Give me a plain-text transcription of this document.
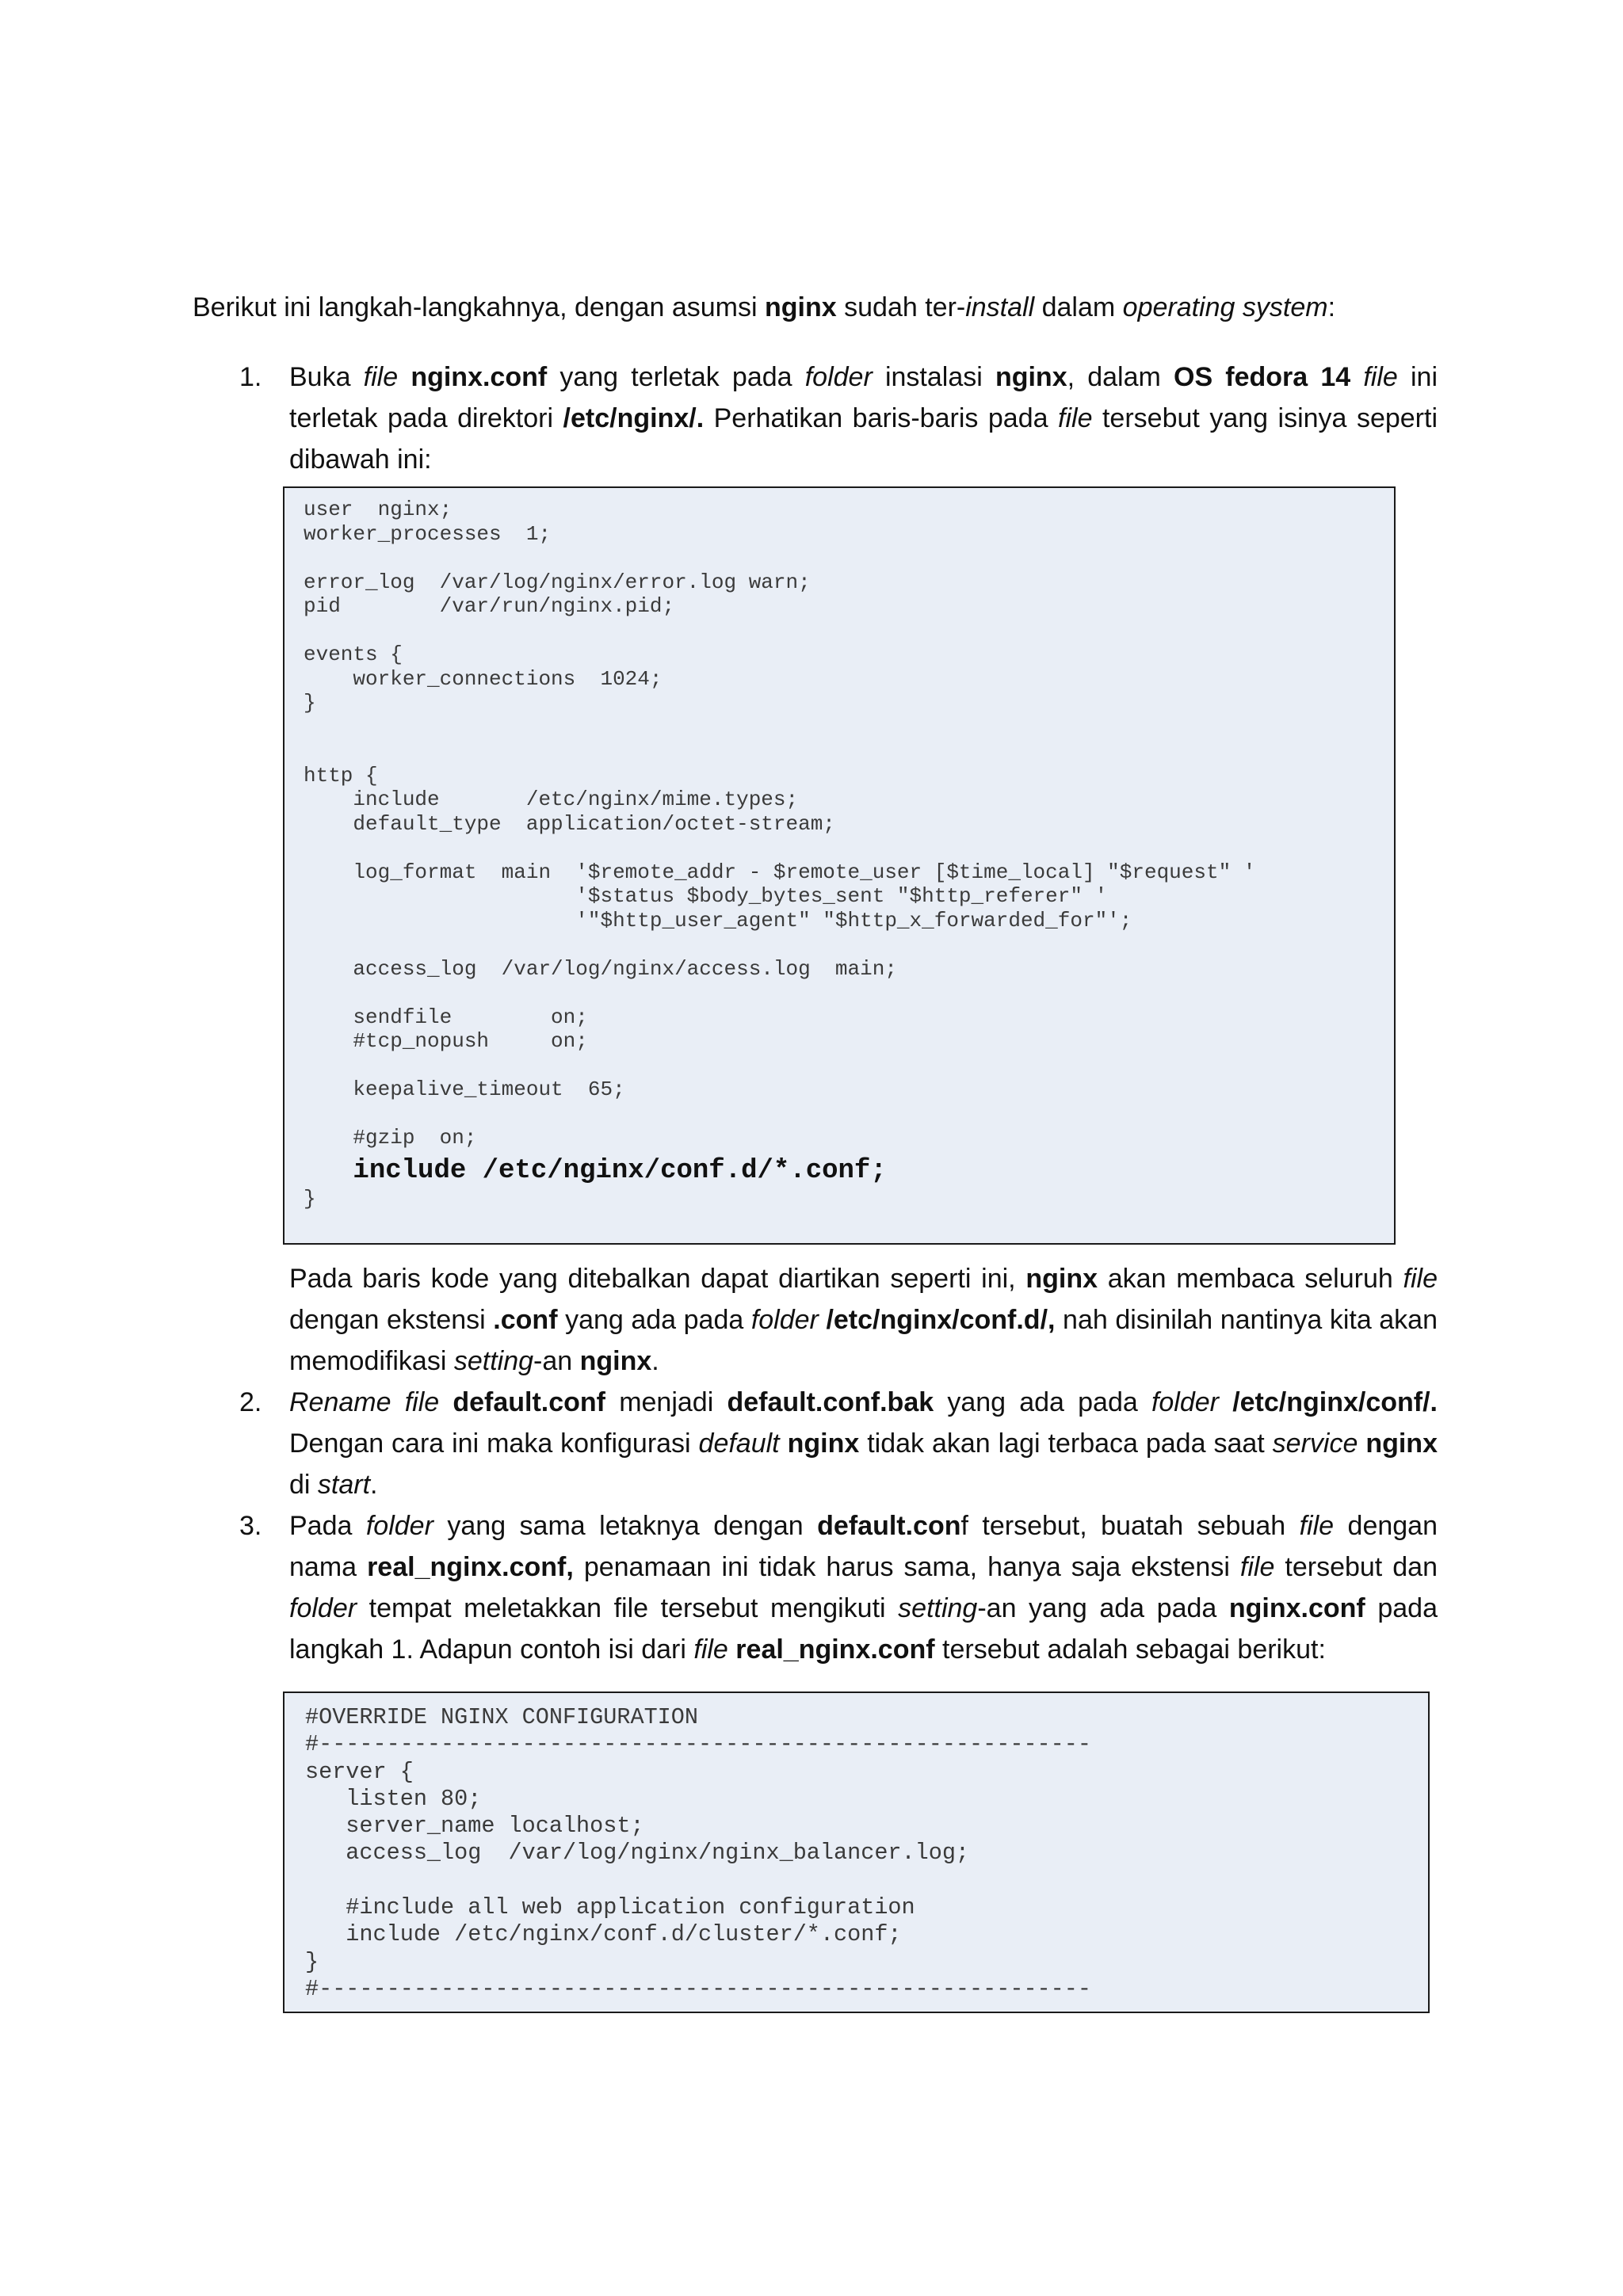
Berikut ini langkah-langkahnya, dengan asumsi nginx sudah ter-install dalam operating system:

1.	Buka file nginx.conf yang terletak pada folder instalasi nginx, dalam OS fedora 14 file ini terletak pada direktori /etc/nginx/. Perhatikan baris-baris pada file tersebut yang isinya seperti dibawah ini:
user  nginx;
worker_processes  1;

error_log  /var/log/nginx/error.log warn;
pid        /var/run/nginx.pid;

events {
worker_connections  1024;
}

http {
include       /etc/nginx/mime.types;
default_type  application/octet-stream;

log_format  main  '$remote_addr - $remote_user [$time_local] "$request" '
'$status $body_bytes_sent "$http_referer" '
'"$http_user_agent" "$http_x_forwarded_for"';

access_log  /var/log/nginx/access.log  main;

sendfile        on;
#tcp_nopush     on;

keepalive_timeout  65;

#gzip  on;
include /etc/nginx/conf.d/*.conf;
}
Pada baris kode yang ditebalkan dapat diartikan seperti ini, nginx akan membaca seluruh file dengan ekstensi .conf yang ada pada folder /etc/nginx/conf.d/, nah disinilah nantinya kita akan memodifikasi setting-an nginx.
2.	Rename file default.conf menjadi default.conf.bak yang ada pada folder /etc/nginx/conf/. Dengan cara ini maka konfigurasi default nginx tidak akan lagi terbaca pada saat service nginx di start.
3.	Pada folder yang sama letaknya dengan default.conf tersebut, buatah sebuah file dengan nama real_nginx.conf, penamaan ini tidak harus sama, hanya saja ekstensi file tersebut dan folder tempat meletakkan file tersebut mengikuti setting-an yang ada pada nginx.conf pada langkah 1. Adapun contoh isi dari file real_nginx.conf tersebut adalah sebagai berikut:
#OVERRIDE NGINX CONFIGURATION
#---------------------------------------------------------
server {
listen 80;
server_name localhost;
access_log  /var/log/nginx/nginx_balancer.log;

#include all web application configuration
include /etc/nginx/conf.d/cluster/*.conf;
}
#---------------------------------------------------------
